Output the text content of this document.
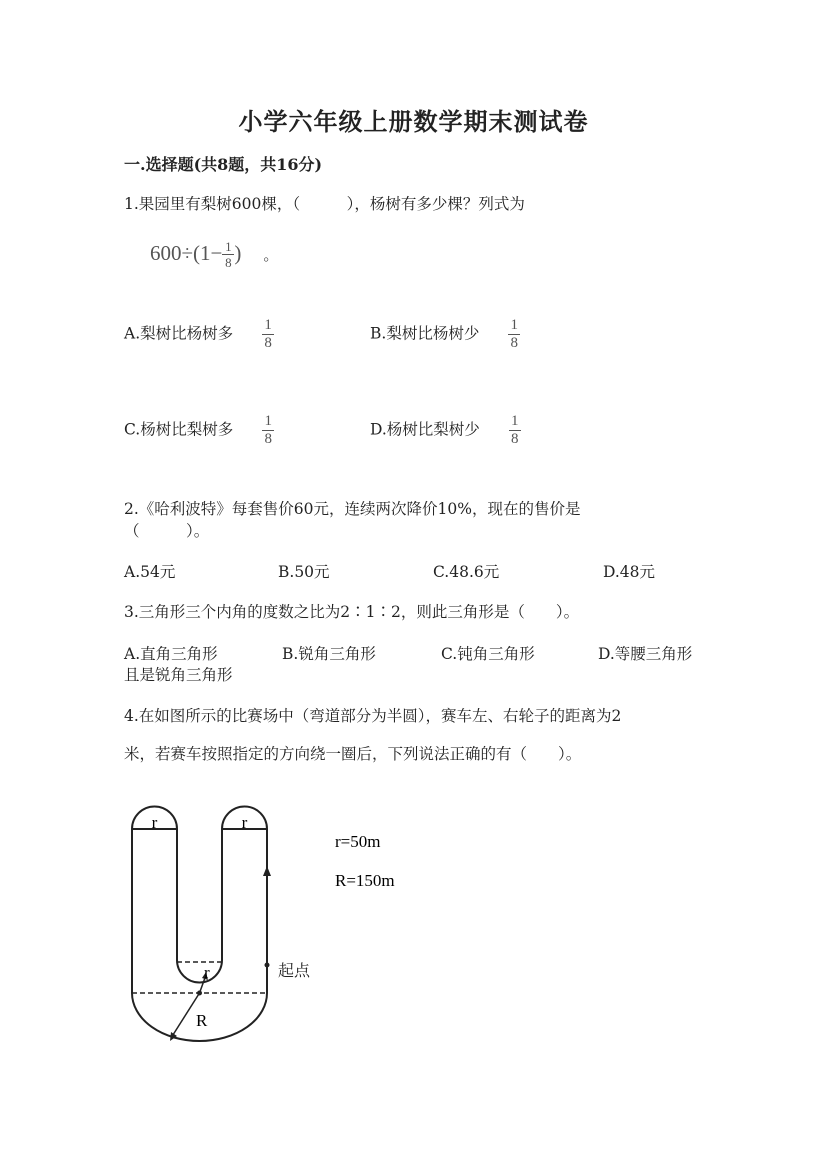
小学六年级上册数学期末测试卷
一.选择题(共8题，共16分)
1.果园里有梨树600棵，（　　　），杨树有多少棵？列式为
$600\div(1- \frac{1}{8}$ ) 。
A.梨树比杨树多 $\frac{1}{8}$	B.梨树比杨树少 $\frac{1}{8}$
C.杨树比梨树多 $\frac{1}{8}$	D.杨树比梨树少 $\frac{1}{8}$
2.《哈利波特》每套售价60元，连续两次降价10%，现在的售价是
（　　　）。
A.54元	B.50元	C.48.6元	D.48元
3.三角形三个内角的度数之比为2∶1∶2，则此三角形是（　　）。
A.直角三角形	B.锐角三角形	C.钝角三角形	D.等腰三角形
且是锐角三角形
4.在如图所示的比赛场中（弯道部分为半圆），赛车左、右轮子的距离为2
米，若赛车按照指定的方向绕一圈后，下列说法正确的有（　　）。
r	r
r
R
起点
r=50m
R=150m
